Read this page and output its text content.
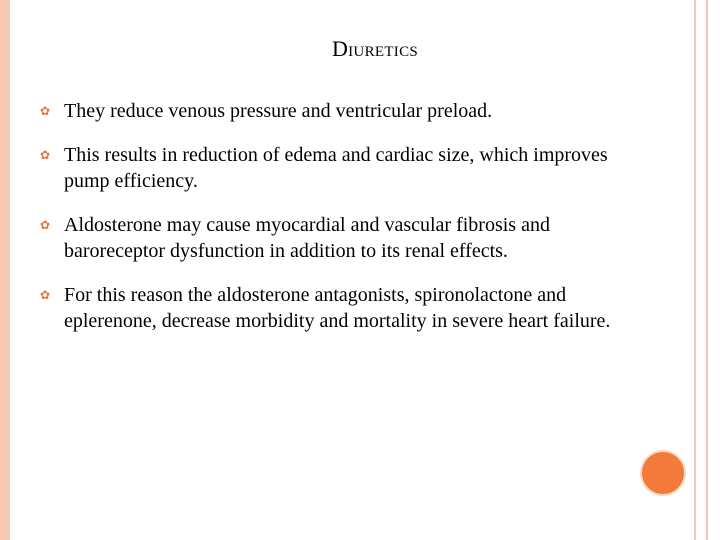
Diuretics
✿ They reduce venous pressure and ventricular preload.
✿ This results in reduction of edema and cardiac size, which improves pump efficiency.
✿ Aldosterone may cause myocardial and vascular fibrosis and baroreceptor dysfunction in addition to its renal effects.
✿ For this reason the aldosterone antagonists, spironolactone and eplerenone, decrease morbidity and mortality in severe heart failure.
